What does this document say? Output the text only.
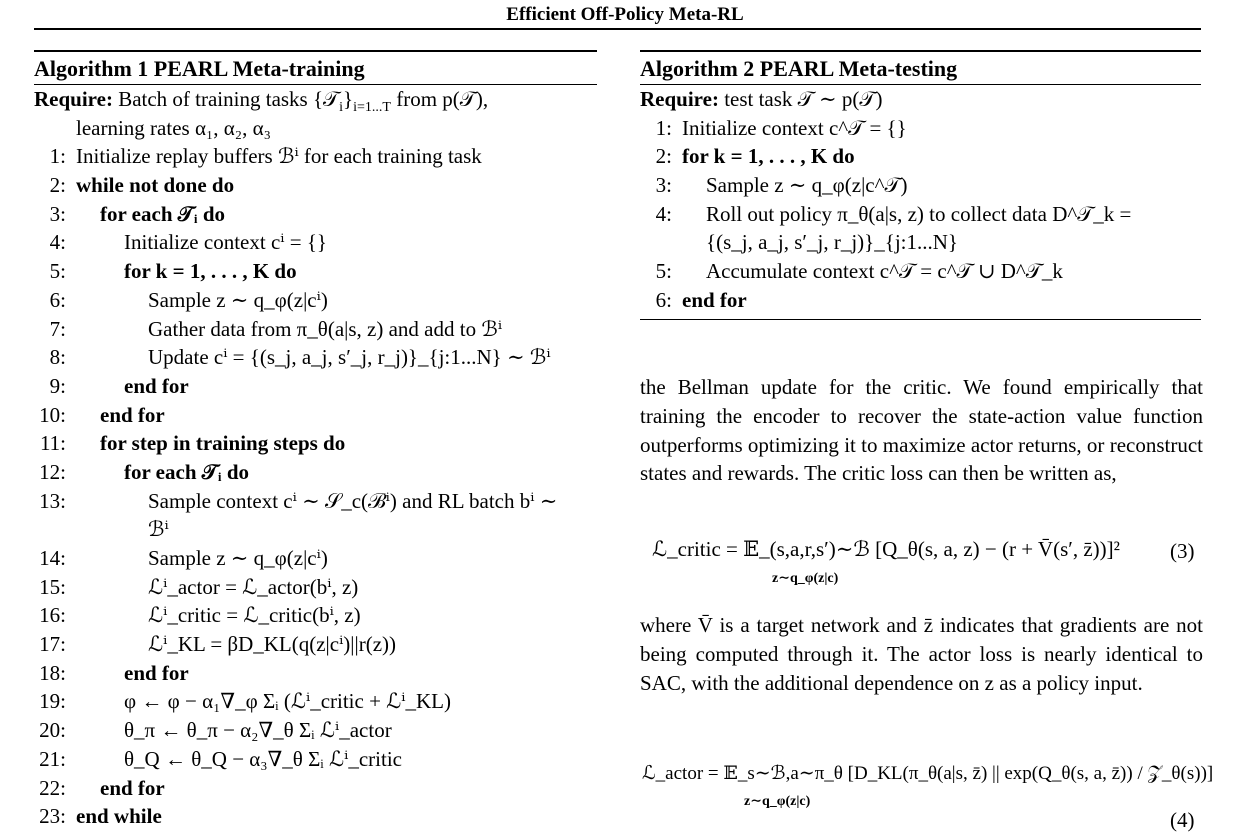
Efficient Off-Policy Meta-RL
Algorithm 1 PEARL Meta-training
Require: Batch of training tasks $\{𝒯_i\}_{i=1...T}$ from p(𝒯),
learning rates α₁, α₂, α₃
1: Initialize replay buffers ℬⁱ for each training task
2: while not done do
3: for each 𝒯ᵢ do
4:	Initialize context cⁱ = {}
5:	for k = 1, . . . , K do
6:	Sample z ∼ q_φ(z|cⁱ)
7:	Gather data from π_θ(a|s, z) and add to ℬⁱ
8:	Update cⁱ = {(s_j, a_j, s′_j, r_j)}_{j:1...N} ∼ ℬⁱ
9:	end for
10: end for
11: for step in training steps do
12:	for each 𝒯ᵢ do
13:	Sample context cⁱ ∼ 𝒮_c(ℬⁱ) and RL batch bⁱ ∼
ℬⁱ
14:	Sample z ∼ q_φ(z|cⁱ)
15:	ℒⁱ_actor = ℒ_actor(bⁱ, z)
16:	ℒⁱ_critic = ℒ_critic(bⁱ, z)
17:	ℒⁱ_KL = βD_KL(q(z|cⁱ)||r(z))
18:	end for
19:	φ ← φ − α₁∇_φ Σᵢ (ℒⁱ_critic + ℒⁱ_KL)
20:	θ_π ← θ_π − α₂∇_θ Σᵢ ℒⁱ_actor
21:	θ_Q ← θ_Q − α₃∇_θ Σᵢ ℒⁱ_critic
22: end for
23: end while
Algorithm 2 PEARL Meta-testing
Require: test task 𝒯 ∼ p(𝒯)
1: Initialize context c^𝒯 = {}
2: for k = 1, . . . , K do
3: Sample z ∼ q_φ(z|c^𝒯)
4: Roll out policy π_θ(a|s, z) to collect data D^𝒯_k =
{(s_j, a_j, s′_j, r_j)}_{j:1...N}
5: Accumulate context c^𝒯 = c^𝒯 ∪ D^𝒯_k
6: end for
the Bellman update for the critic. We found empirically that training the encoder to recover the state-action value function outperforms optimizing it to maximize actor returns, or reconstruct states and rewards. The critic loss can then be written as,
ℒ_critic = 𝔼_(s,a,r,s′)∼ℬ [Q_θ(s, a, z) − (r + V̄(s′, z̄))]²
z∼q_φ(z|c)
(3)
where V̄ is a target network and z̄ indicates that gradients are not being computed through it. The actor loss is nearly identical to SAC, with the additional dependence on z as a policy input.
ℒ_actor = 𝔼_s∼ℬ,a∼π_θ [D_KL(π_θ(a|s, z̄) || exp(Q_θ(s, a, z̄)) / 𝒵_θ(s))]
z∼q_φ(z|c)
(4)
